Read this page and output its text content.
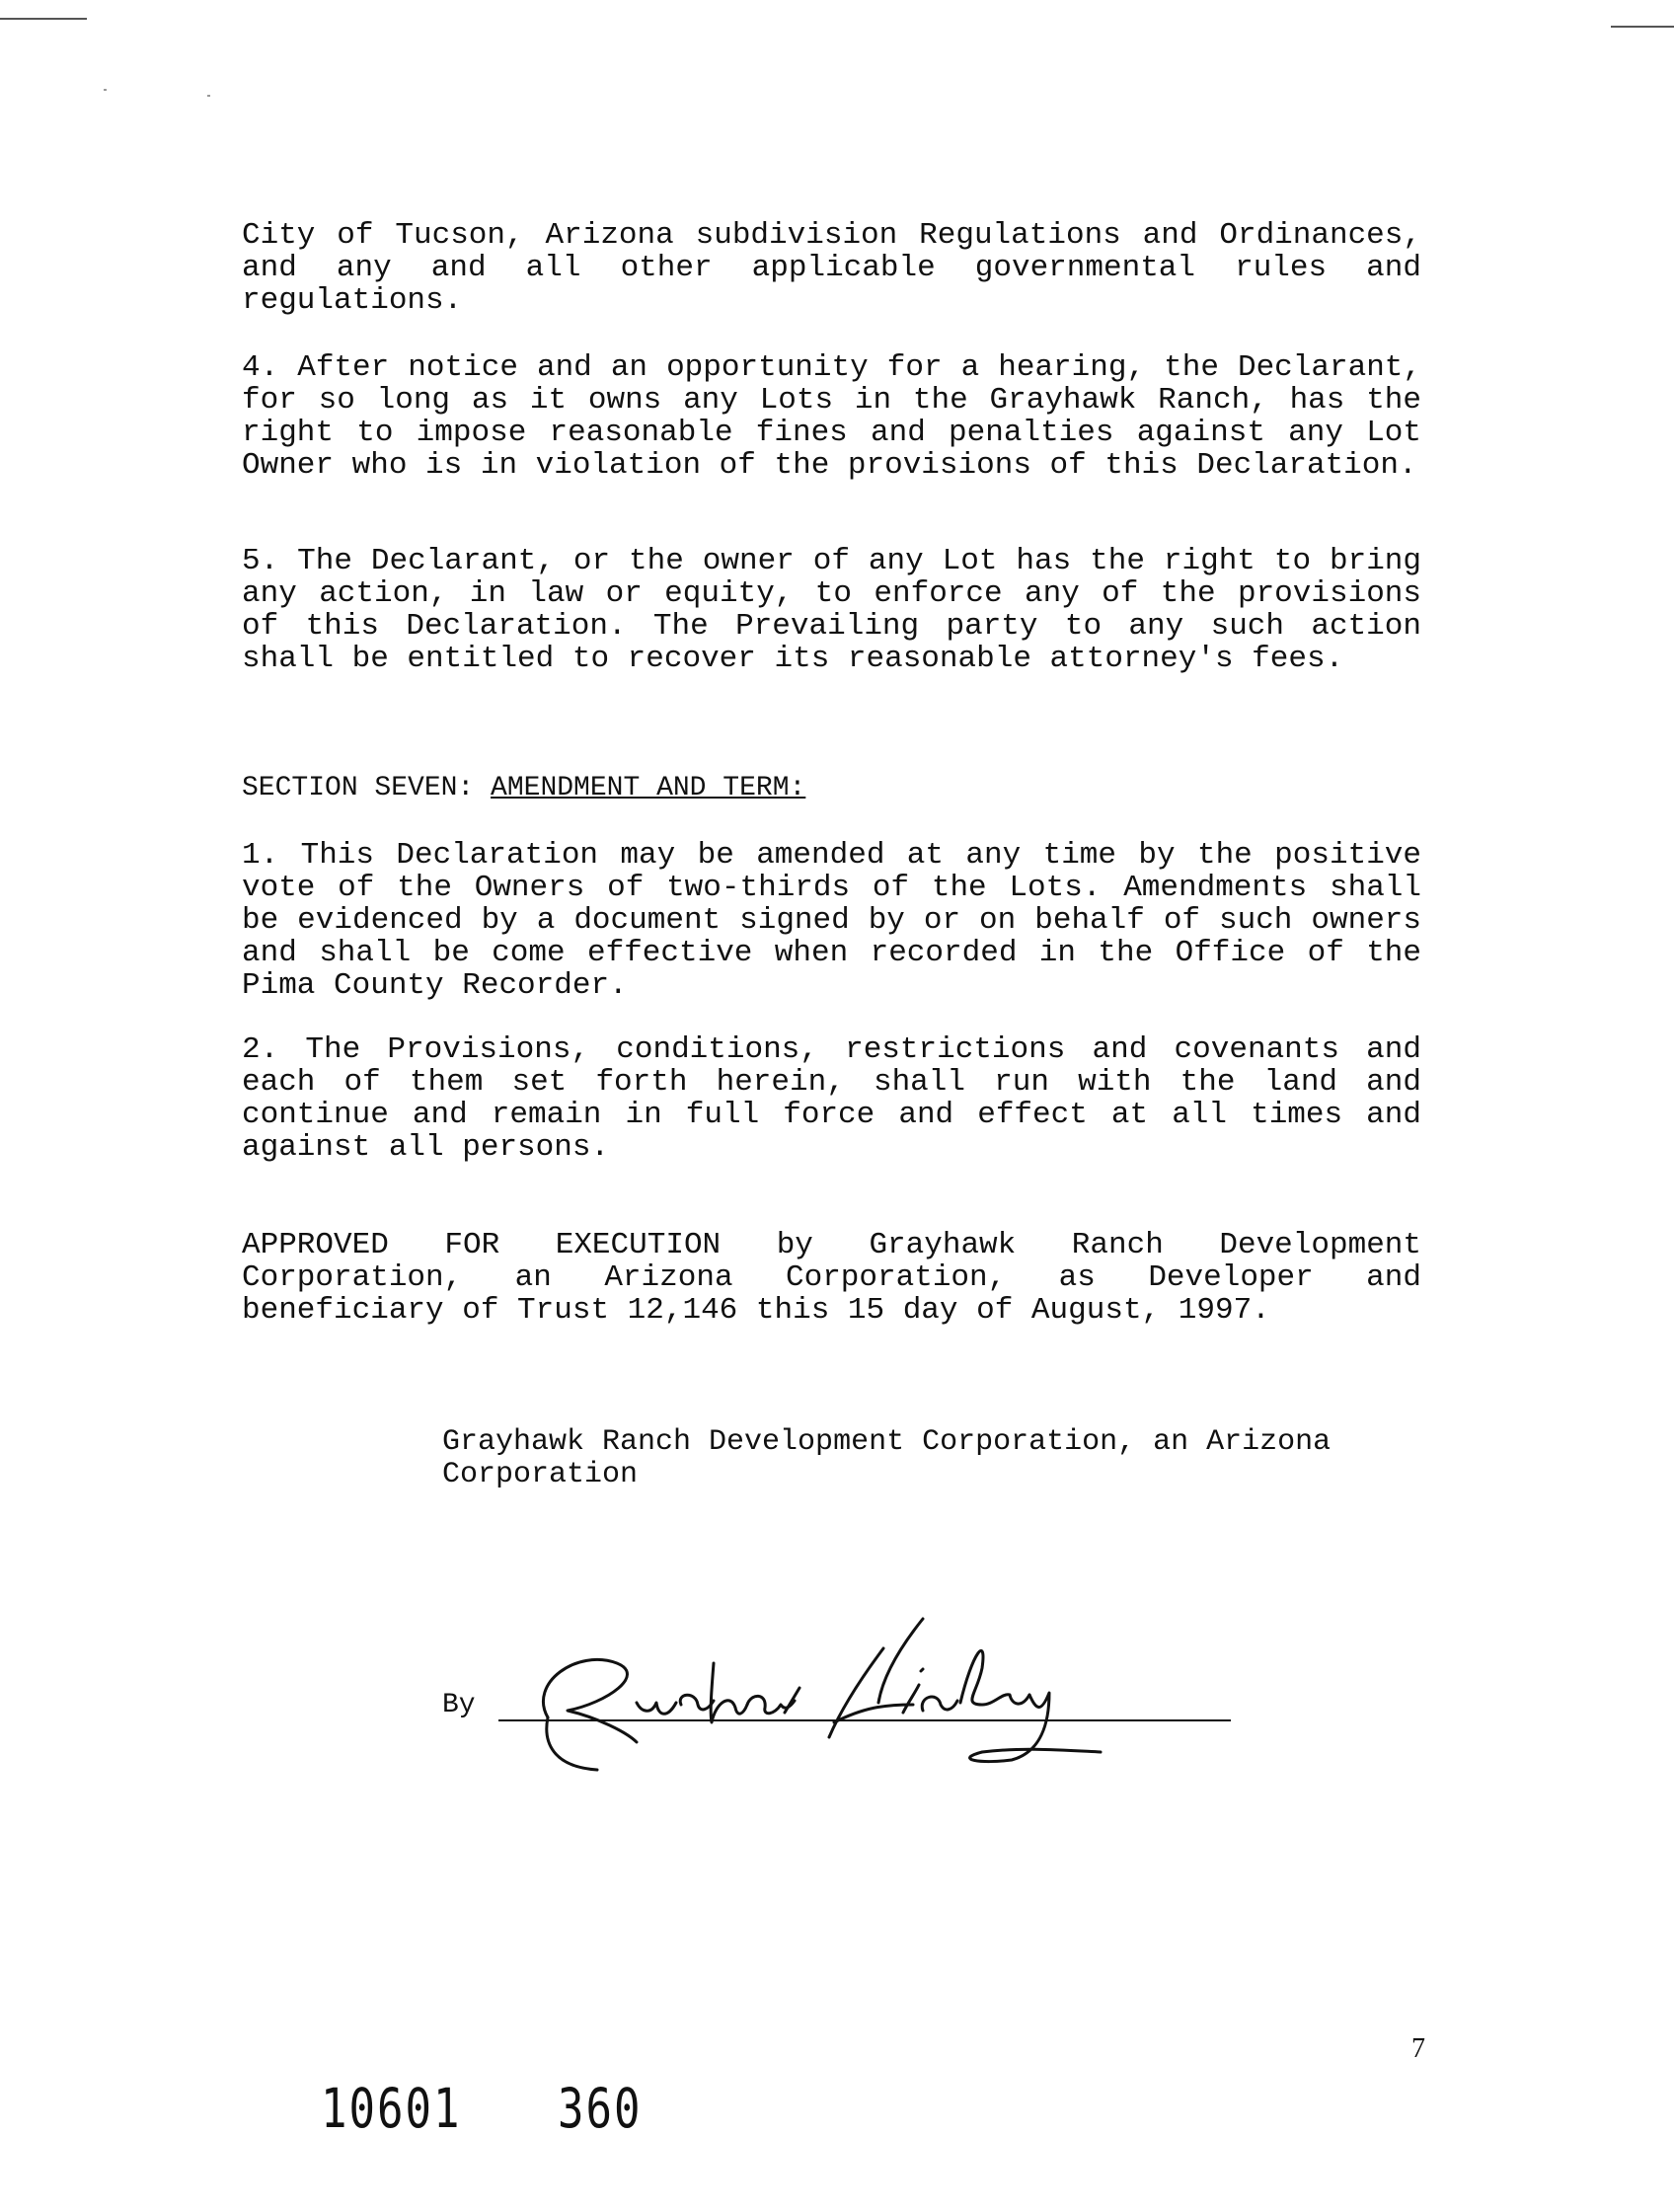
City of Tucson, Arizona subdivision Regulations and Ordinances, and any and all other applicable governmental rules and regulations.
4. After notice and an opportunity for a hearing, the Declarant, for so long as it owns any Lots in the Grayhawk Ranch, has the right to impose reasonable fines and penalties against any Lot Owner who is in violation of the provisions of this Declaration.
5. The Declarant, or the owner of any Lot has the right to bring any action, in law or equity, to enforce any of the provisions of this Declaration. The Prevailing party to any such action shall be entitled to recover its reasonable attorney's fees.
SECTION SEVEN: AMENDMENT AND TERM:
1. This Declaration may be amended at any time by the positive vote of the Owners of two-thirds of the Lots. Amendments shall be evidenced by a document signed by or on behalf of such owners and shall be come effective when recorded in the Office of the Pima County Recorder.
2. The Provisions, conditions, restrictions and covenants and each of them set forth herein, shall run with the land and continue and remain in full force and effect at all times and against all persons.
APPROVED FOR EXECUTION by Grayhawk Ranch Development Corporation, an Arizona Corporation, as Developer and beneficiary of Trust 12,146 this 15 day of August, 1997.
Grayhawk Ranch Development Corporation, an Arizona Corporation
By
7
10601 360
